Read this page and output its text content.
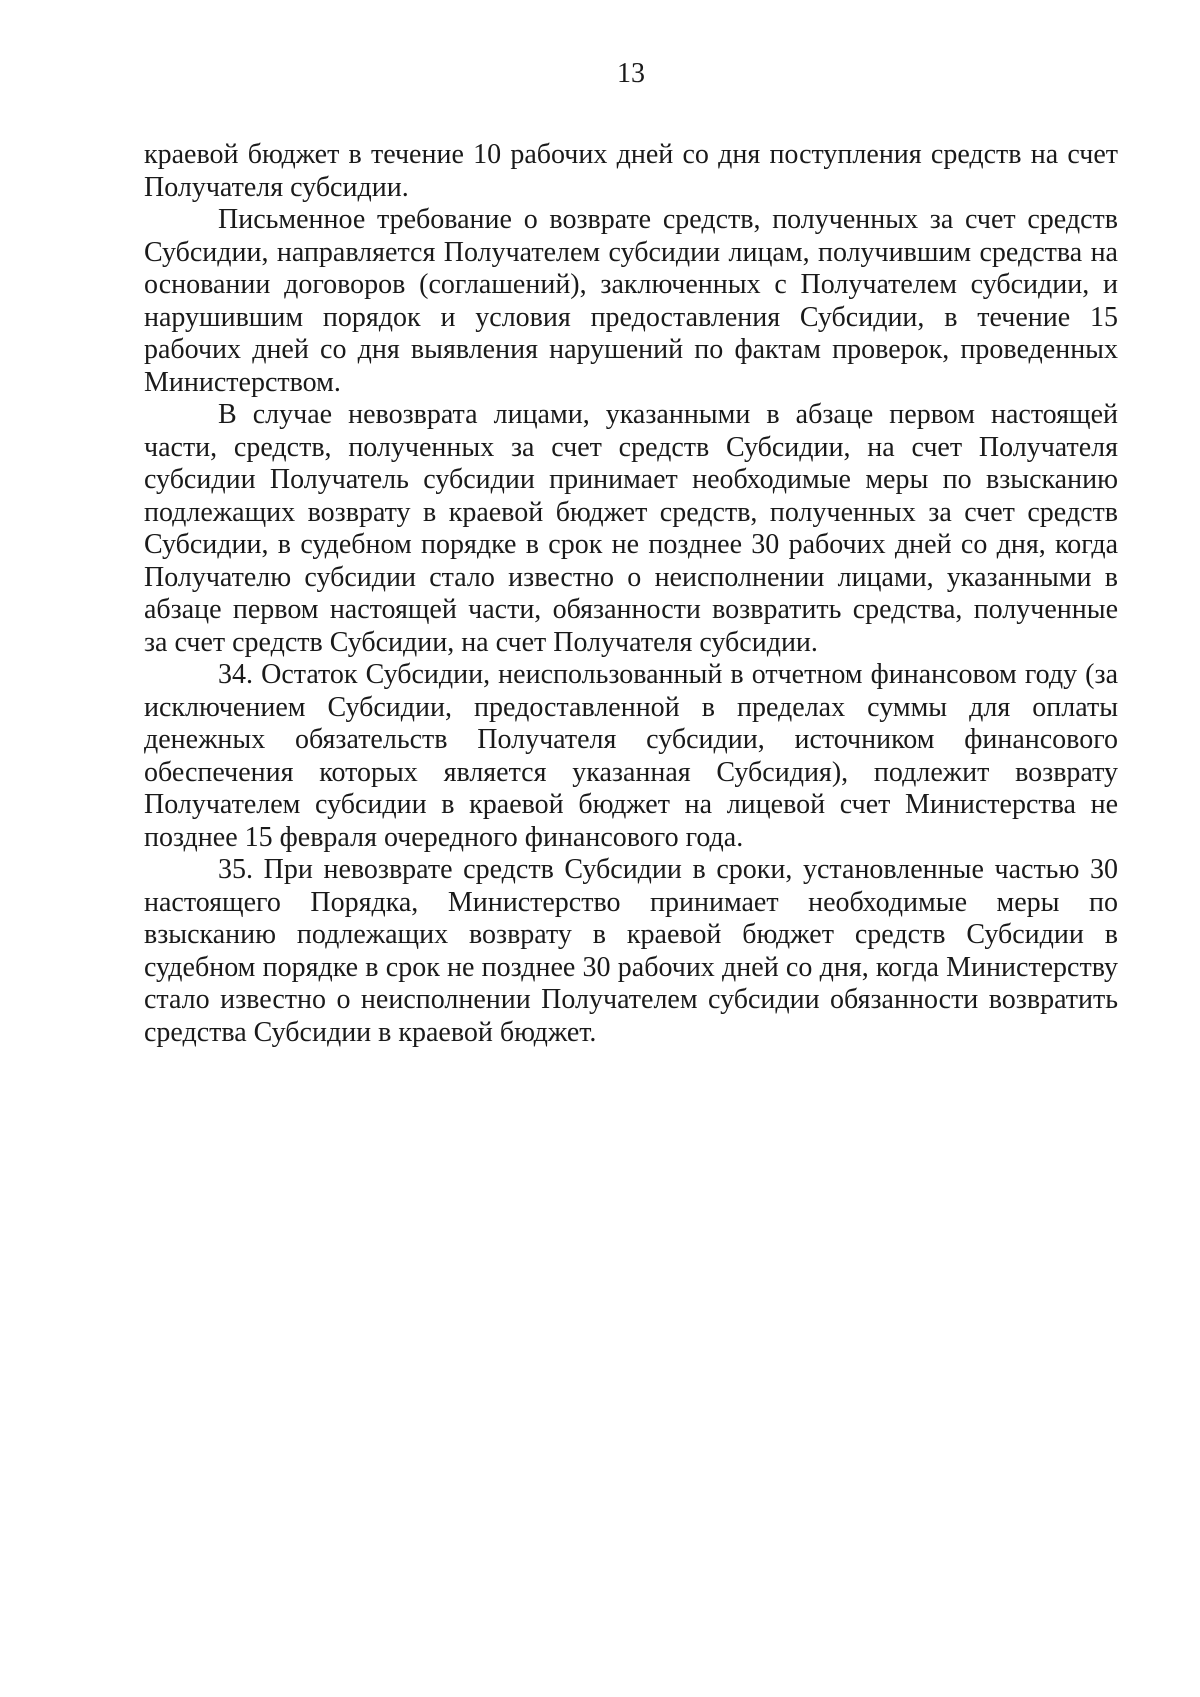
13

краевой бюджет в течение 10 рабочих дней со дня поступления средств на счет Получателя субсидии.

Письменное требование о возврате средств, полученных за счет средств Субсидии, направляется Получателем субсидии лицам, получившим средства на основании договоров (соглашений), заключенных с Получателем субсидии, и нарушившим порядок и условия предоставления Субсидии, в течение 15 рабочих дней со дня выявления нарушений по фактам проверок, проведенных Министерством.

В случае невозврата лицами, указанными в абзаце первом настоящей части, средств, полученных за счет средств Субсидии, на счет Получателя субсидии Получатель субсидии принимает необходимые меры по взысканию подлежащих возврату в краевой бюджет средств, полученных за счет средств Субсидии, в судебном порядке в срок не позднее 30 рабочих дней со дня, когда Получателю субсидии стало известно о неисполнении лицами, указанными в абзаце первом настоящей части, обязанности возвратить средства, полученные за счет средств Субсидии, на счет Получателя субсидии.

34. Остаток Субсидии, неиспользованный в отчетном финансовом году (за исключением Субсидии, предоставленной в пределах суммы для оплаты денежных обязательств Получателя субсидии, источником финансового обеспечения которых является указанная Субсидия), подлежит возврату Получателем субсидии в краевой бюджет на лицевой счет Министерства не позднее 15 февраля очередного финансового года.

35. При невозврате средств Субсидии в сроки, установленные частью 30 настоящего Порядка, Министерство принимает необходимые меры по взысканию подлежащих возврату в краевой бюджет средств Субсидии в судебном порядке в срок не позднее 30 рабочих дней со дня, когда Министерству стало известно о неисполнении Получателем субсидии обязанности возвратить средства Субсидии в краевой бюджет.
